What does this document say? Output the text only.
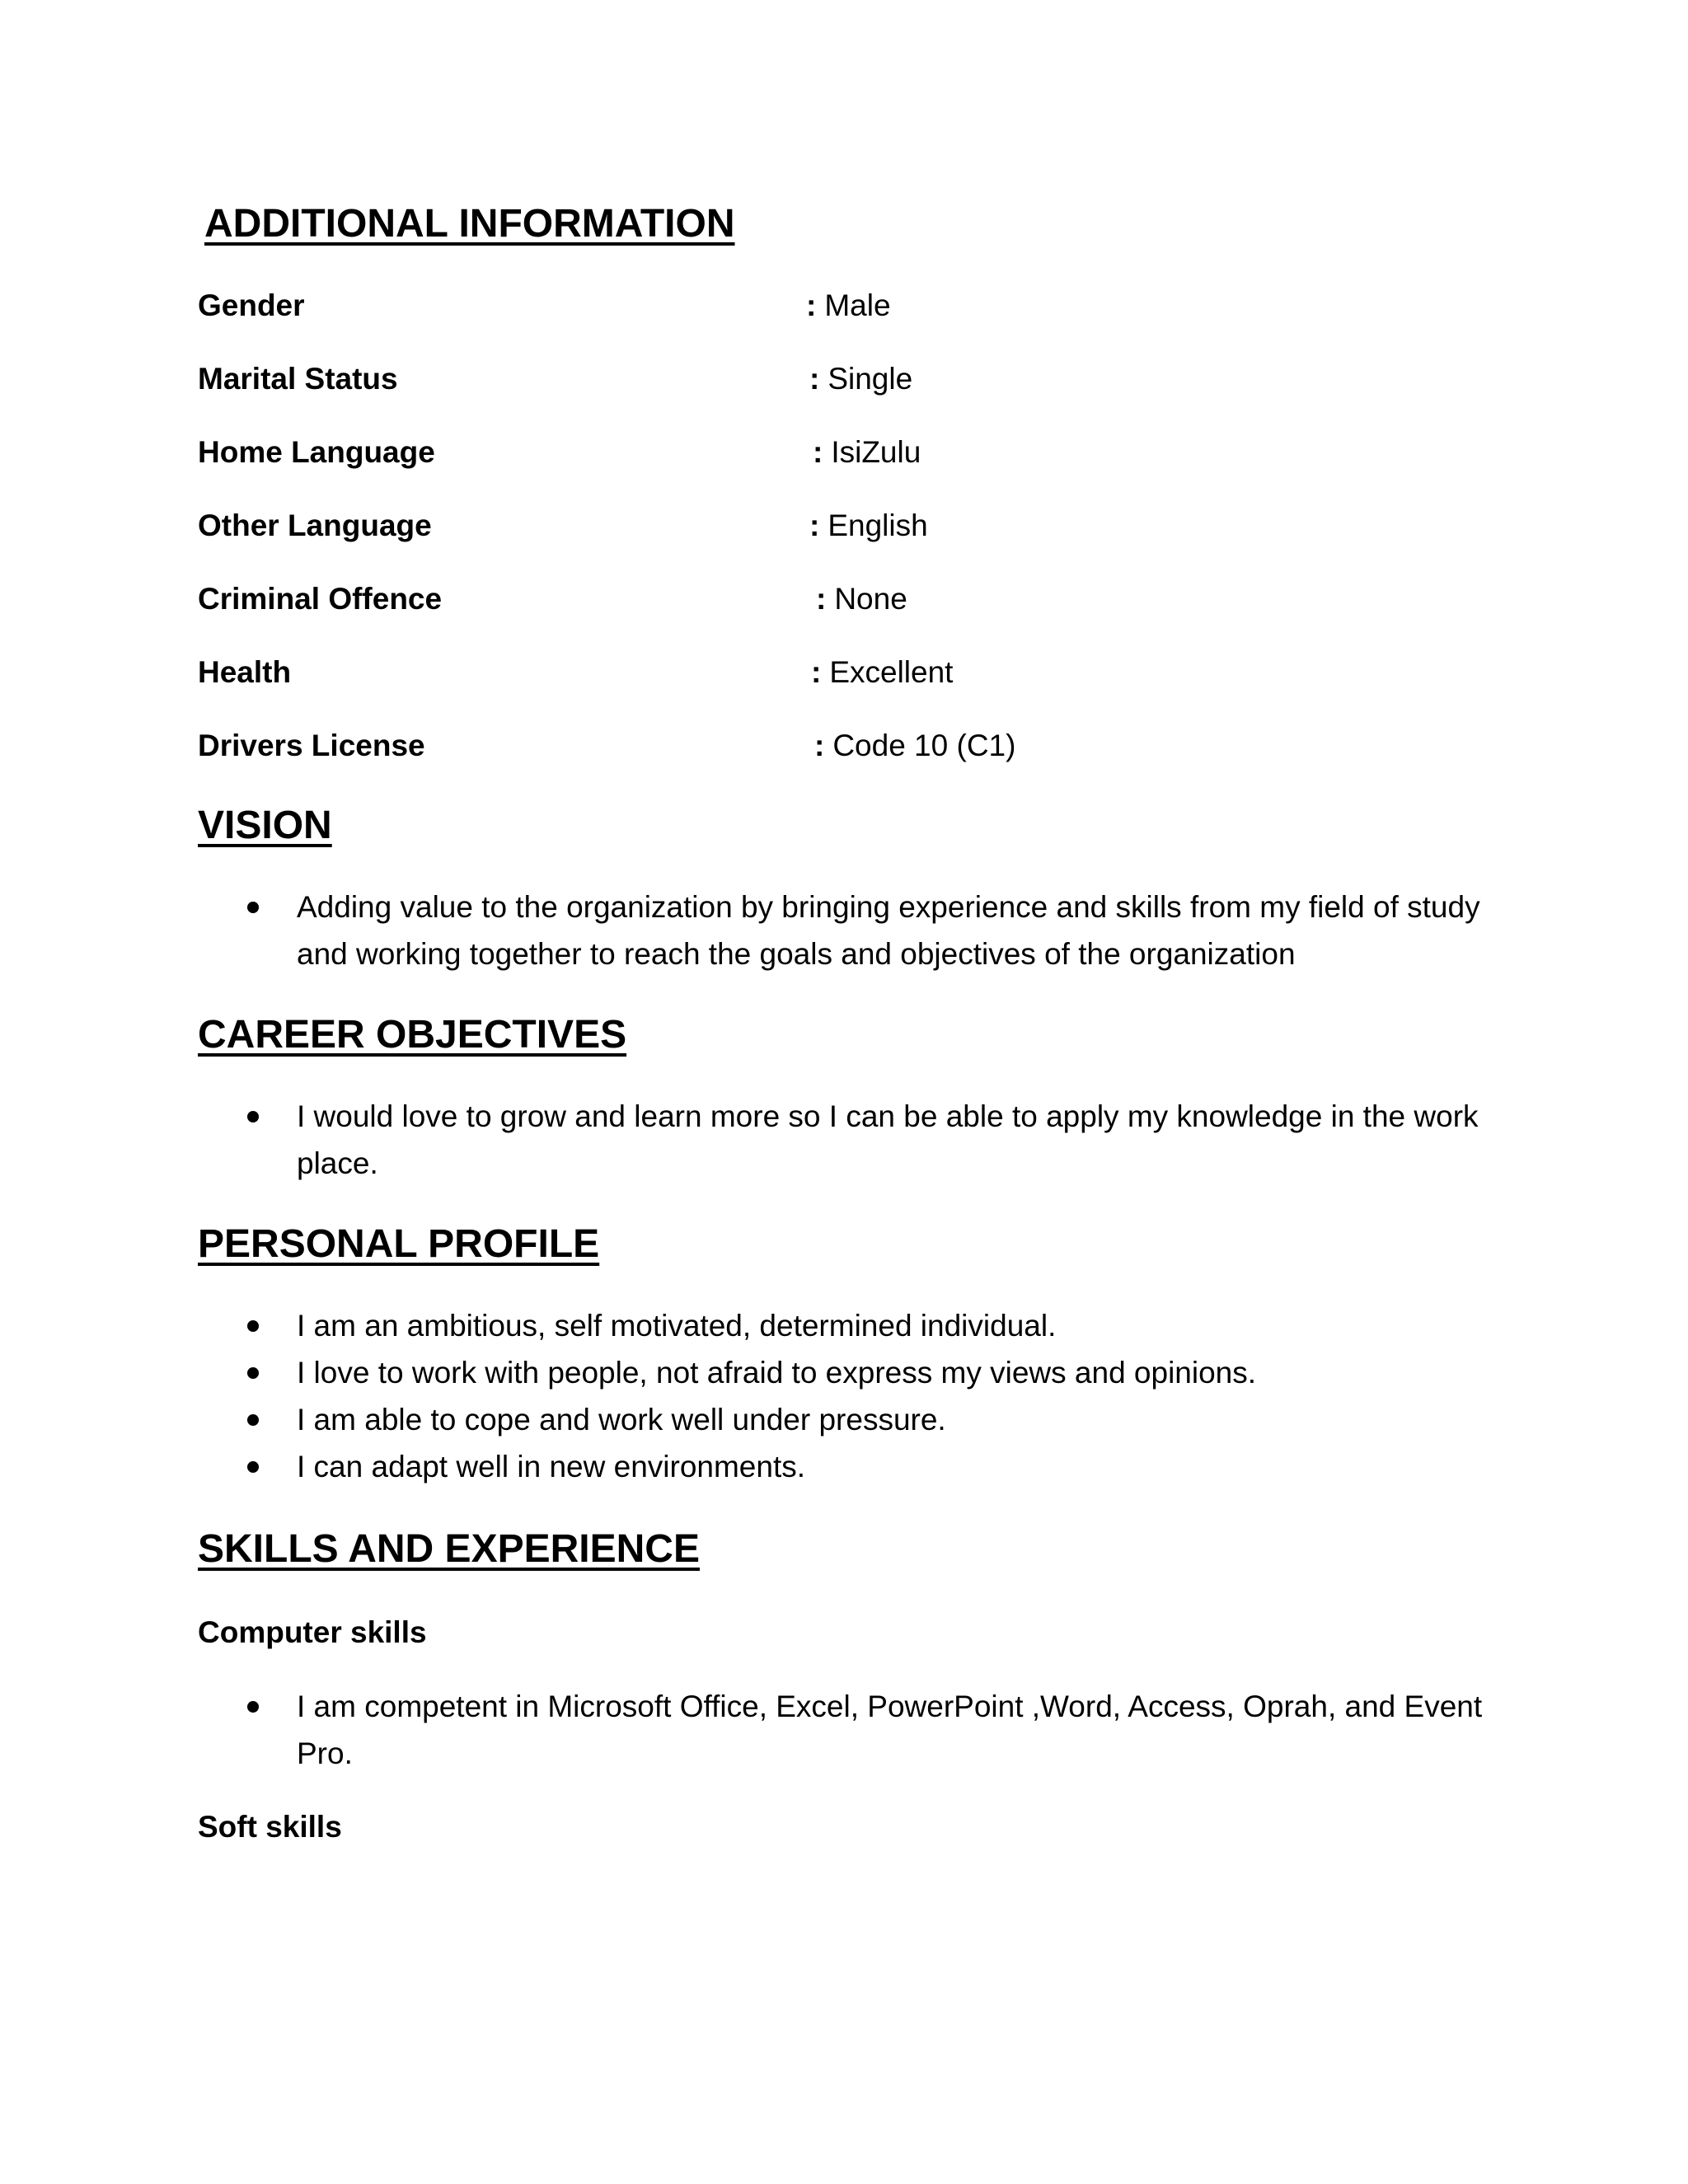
ADDITIONAL INFORMATION
Gender	: Male
Marital Status	: Single
Home Language	: IsiZulu
Other Language	: English
Criminal Offence	: None
Health	: Excellent
Drivers License	: Code 10 (C1)
VISION
Adding value to the organization by bringing experience and skills from my field of study and working together to reach the goals and objectives of the organization
CAREER OBJECTIVES
I would love to grow and learn more so I can be able to apply my knowledge in the work place.
PERSONAL PROFILE
I am an ambitious, self motivated, determined individual.
I love to work with people, not afraid to express my views and opinions.
I am able to cope and work well under pressure.
I can adapt well in new environments.
SKILLS AND EXPERIENCE
Computer skills
I am competent in Microsoft Office, Excel, PowerPoint ,Word, Access, Oprah, and Event Pro.
Soft skills
